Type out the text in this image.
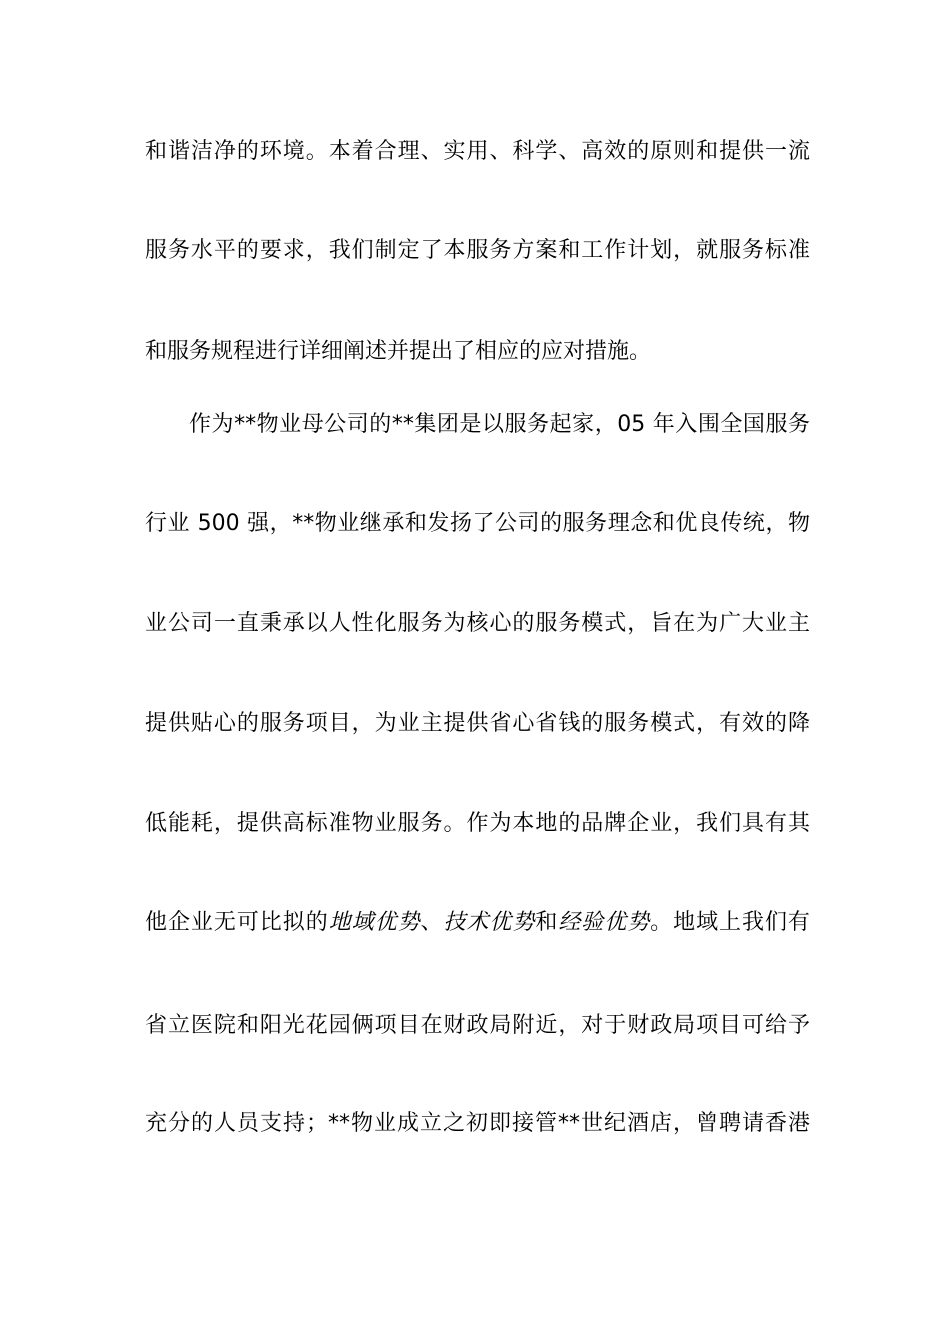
和谐洁净的环境。本着合理、实用、科学、高效的原则和提供一流
服务水平的要求，我们制定了本服务方案和工作计划，就服务标准
和服务规程进行详细阐述并提出了相应的应对措施。
作为**物业母公司的**集团是以服务起家，05 年入围全国服务
行业 500 强，**物业继承和发扬了公司的服务理念和优良传统，物
业公司一直秉承以人性化服务为核心的服务模式，旨在为广大业主
提供贴心的服务项目，为业主提供省心省钱的服务模式，有效的降
低能耗，提供高标准物业服务。作为本地的品牌企业，我们具有其
他企业无可比拟的地域优势、技术优势和经验优势。地域上我们有
省立医院和阳光花园俩项目在财政局附近，对于财政局项目可给予
充分的人员支持；**物业成立之初即接管**世纪酒店，曾聘请香港
